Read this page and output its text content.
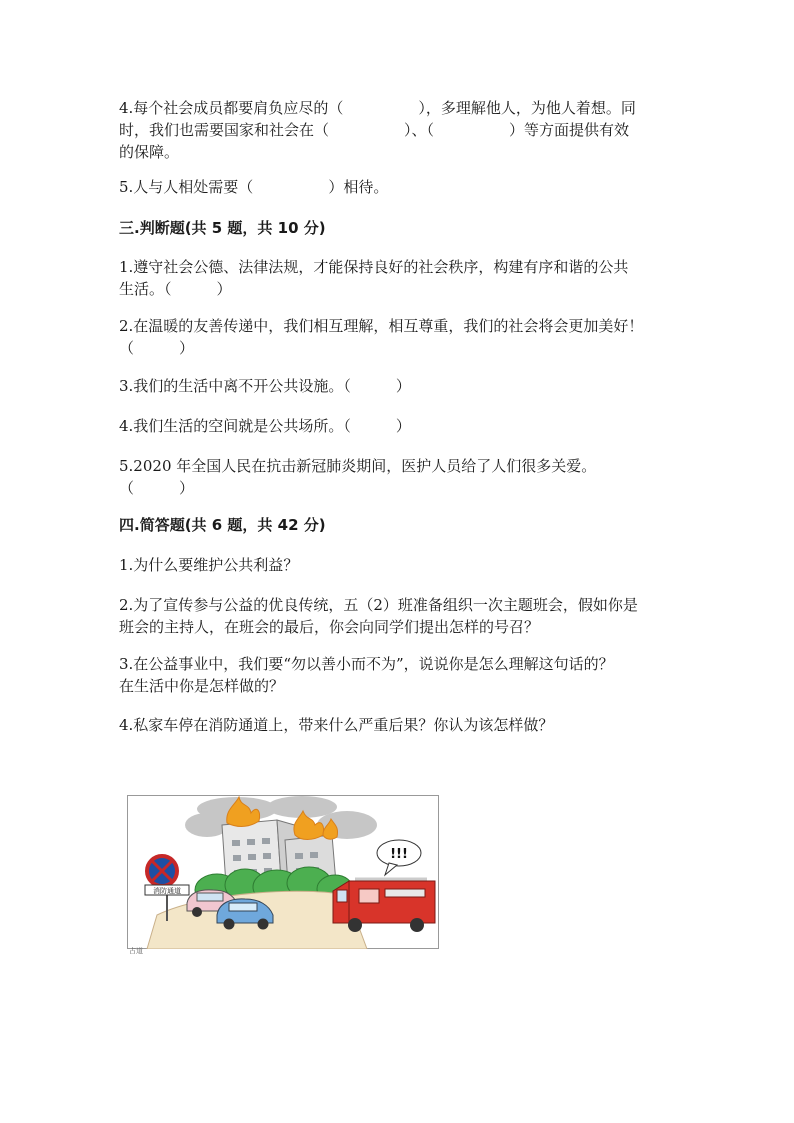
4.每个社会成员都要肩负应尽的（　　　　　），多理解他人，为他人着想。同
时，我们也需要国家和社会在（　　　　　）、（　　　　　）等方面提供有效
的保障。

5.人与人相处需要（　　　　　）相待。

三.判断题(共 5 题，共 10 分)

1.遵守社会公德、法律法规，才能保持良好的社会秩序，构建有序和谐的公共
生活。（　　　）

2.在温暖的友善传递中，我们相互理解，相互尊重，我们的社会将会更加美好！
（　　　）

3.我们的生活中离不开公共设施。（　　　）

4.我们生活的空间就是公共场所。（　　　）

5.2020 年全国人民在抗击新冠肺炎期间，医护人员给了人们很多关爱。
（　　　）

四.简答题(共 6 题，共 42 分)

1.为什么要维护公共利益？

2.为了宣传参与公益的优良传统，五（2）班准备组织一次主题班会，假如你是
班会的主持人，在班会的最后，你会向同学们提出怎样的号召？

3.在公益事业中，我们要“勿以善小而不为”，说说你是怎么理解这句话的？
在生活中你是怎样做的？

4.私家车停在消防通道上，带来什么严重后果？你认为该怎样做？

消防通道
!!!
占道
